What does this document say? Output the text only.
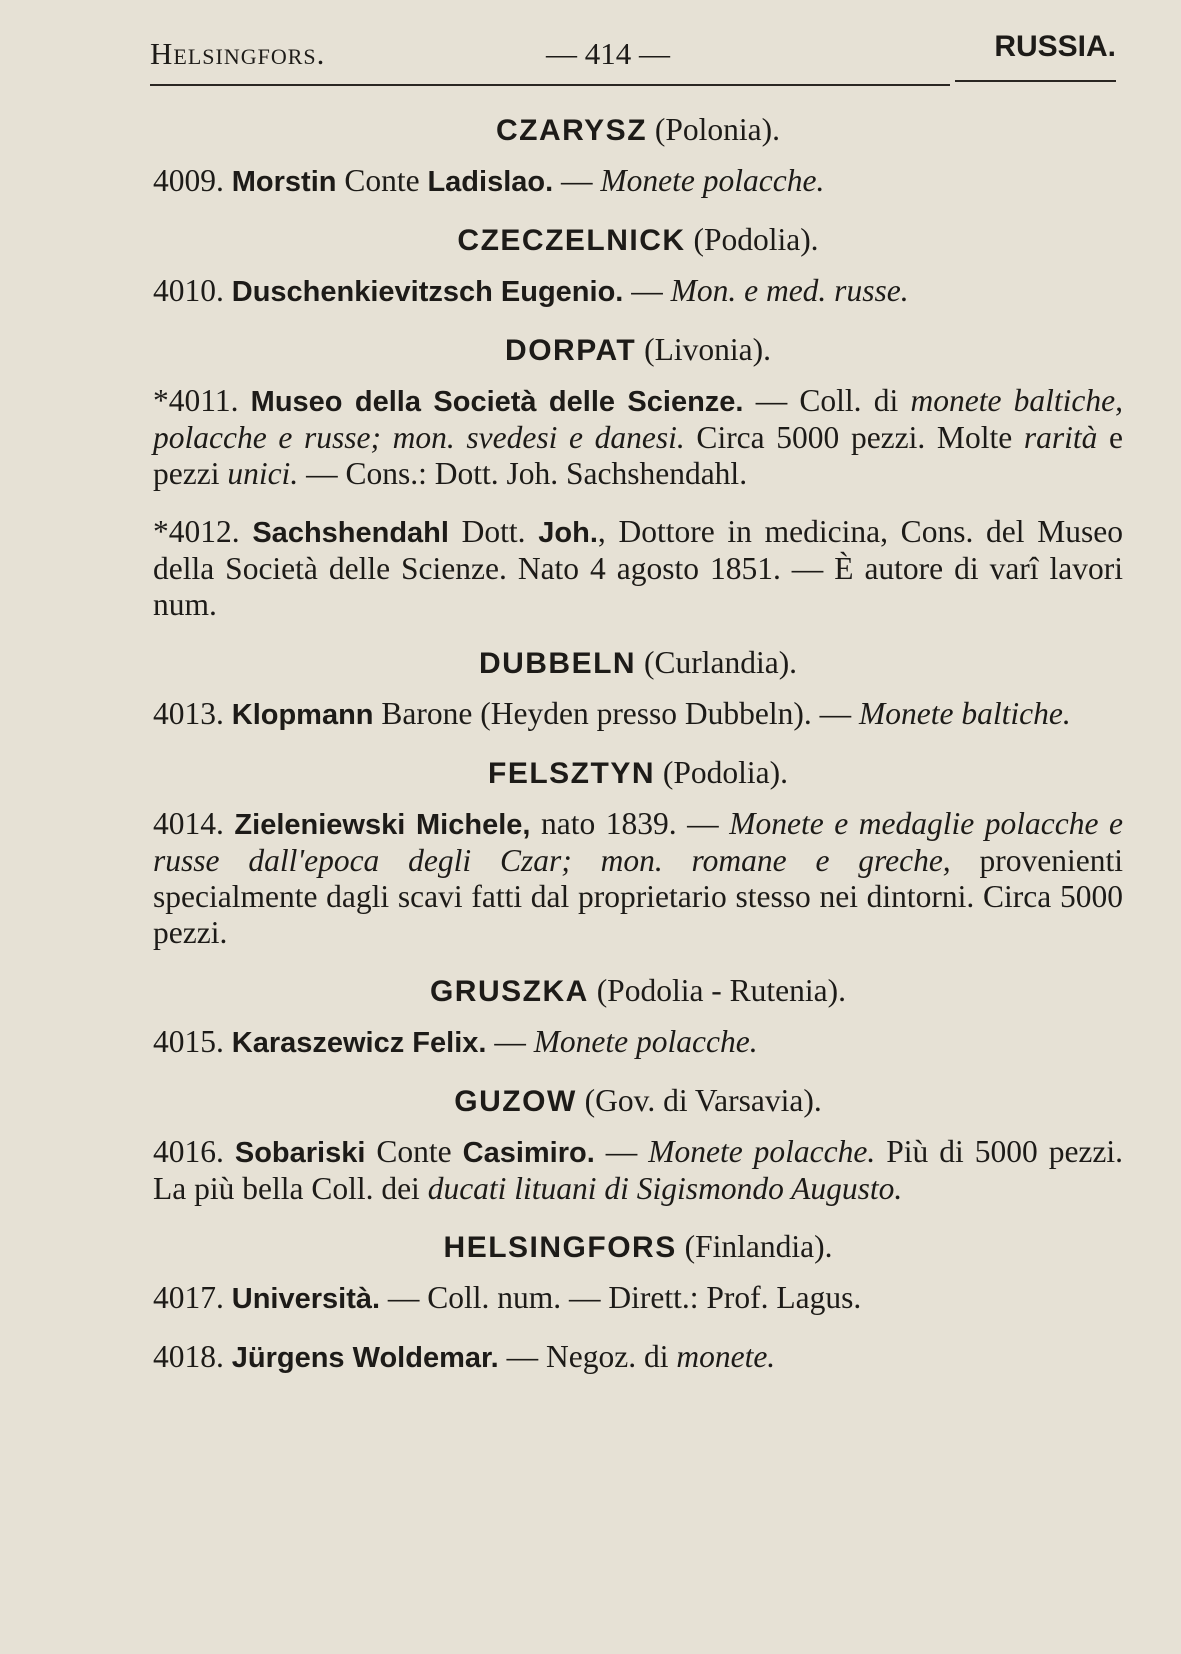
Helsingfors.	— 414 —	RUSSIA.
CZARYSZ (Polonia).
4009. Morstin Conte Ladislao. — Monete polacche.
CZECZELNICK (Podolia).
4010. Duschenkievitzsch Eugenio. — Mon. e med. russe.
DORPAT (Livonia).
*4011. Museo della Società delle Scienze. — Coll. di monete baltiche, polacche e russe; mon. svedesi e danesi. Circa 5000 pezzi. Molte rarità e pezzi unici. — Cons.: Dott. Joh. Sachshendahl.
*4012. Sachshendahl Dott. Joh., Dottore in medicina, Cons. del Museo della Società delle Scienze. Nato 4 agosto 1851. — È autore di varî lavori num.
DUBBELN (Curlandia).
4013. Klopmann Barone (Heyden presso Dubbeln). — Monete baltiche.
FELSZTYN (Podolia).
4014. Zieleniewski Michele, nato 1839. — Monete e medaglie polacche e russe dall'epoca degli Czar; mon. romane e greche, provenienti specialmente dagli scavi fatti dal proprietario stesso nei dintorni. Circa 5000 pezzi.
GRUSZKA (Podolia - Rutenia).
4015. Karaszewicz Felix. — Monete polacche.
GUZOW (Gov. di Varsavia).
4016. Sobariski Conte Casimiro. — Monete polacche. Più di 5000 pezzi. La più bella Coll. dei ducati lituani di Sigismondo Augusto.
HELSINGFORS (Finlandia).
4017. Università. — Coll. num. — Dirett.: Prof. Lagus.
4018. Jürgens Woldemar. — Negoz. di monete.
